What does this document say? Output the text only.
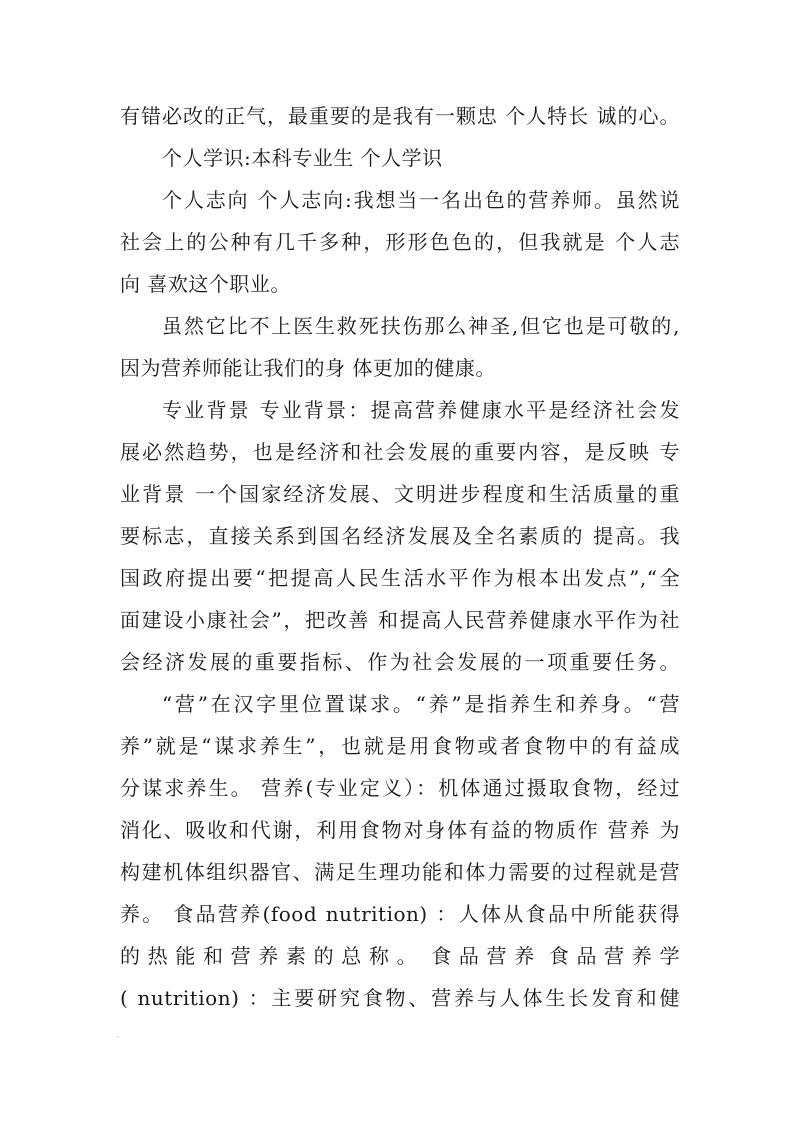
有错必改的正气，最重要的是我有一颗忠 个人特长 诚的心。
个人学识:本科专业生 个人学识
个人志向 个人志向:我想当一名出色的营养师。虽然说
社会上的公种有几千多种，形形色色的，但我就是 个人志
向 喜欢这个职业。
虽然它比不上医生救死扶伤那么神圣,但它也是可敬的,
因为营养师能让我们的身 体更加的健康。
专业背景 专业背景：提高营养健康水平是经济社会发
展必然趋势，也是经济和社会发展的重要内容，是反映 专
业背景 一个国家经济发展、文明进步程度和生活质量的重
要标志，直接关系到国名经济发展及全名素质的 提高。我
国政府提出要“把提高人民生活水平作为根本出发点”,“全
面建设小康社会”，把改善 和提高人民营养健康水平作为社
会经济发展的重要指标、作为社会发展的一项重要任务。
“营”在汉字里位置谋求。“养”是指养生和养身。“营
养”就是“谋求养生”，也就是用食物或者食物中的有益成
分谋求养生。 营养(专业定义）：机体通过摄取食物，经过
消化、吸收和代谢，利用食物对身体有益的物质作 营养 为
构建机体组织器官、满足生理功能和体力需要的过程就是营
养。 食品营养(food nutrition) ：人体从食品中所能获得
的 热 能 和 营 养 素 的 总 称 。  食 品 营 养  食 品 营 养 学
( nutrition) ：主要研究食物、营养与人体生长发育和健
